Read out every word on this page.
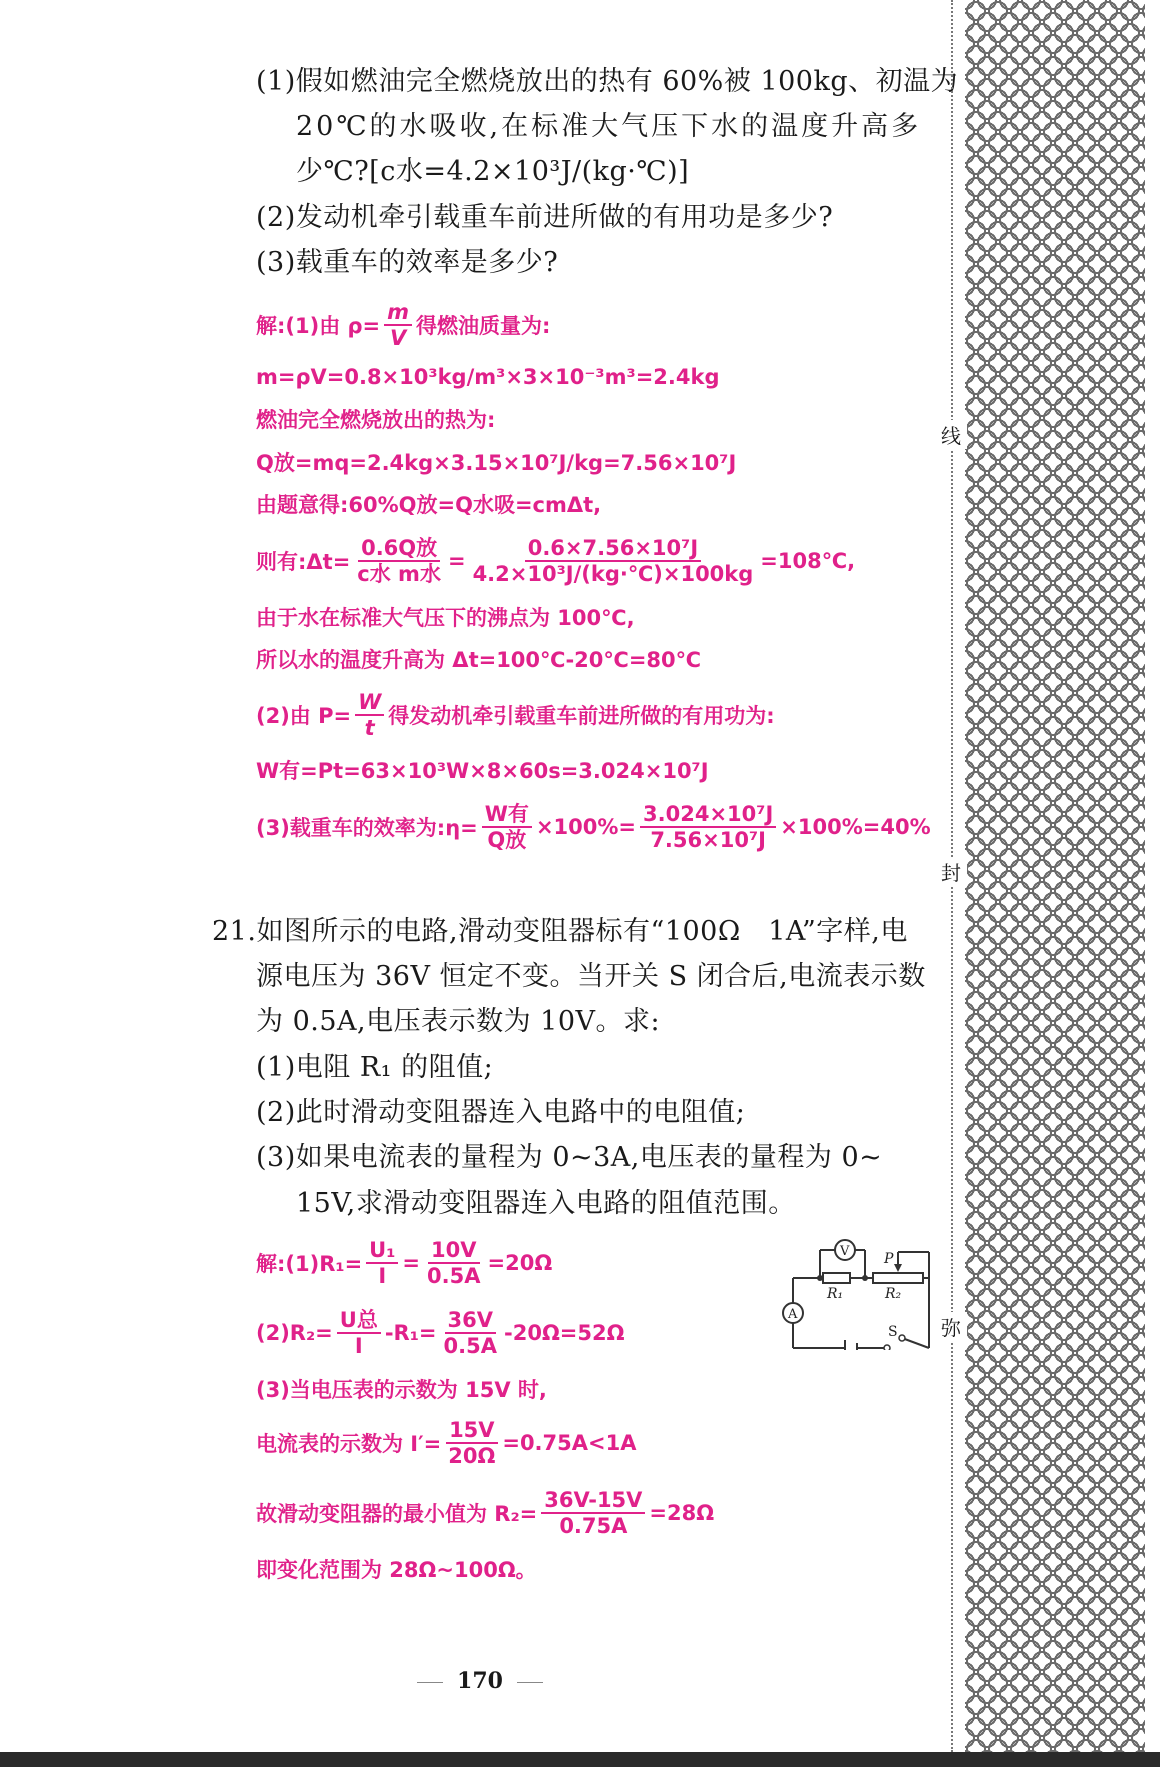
(1)假如燃油完全燃烧放出的热有 60%被 100kg、初温为
20℃的水吸收,在标准大气压下水的温度升高多
少℃?[c水=4.2×10³J/(kg·℃)]
(2)发动机牵引载重车前进所做的有用功是多少?
(3)载重车的效率是多少?
解:(1)由 $\rho= \frac{m}{V}$ 得燃油质量为:
m=ρV=0.8×10³kg/m³×3×10⁻³m³=2.4kg
燃油完全燃烧放出的热为:
Q放=mq=2.4kg×3.15×10⁷J/kg=7.56×10⁷J
由题意得:60%Q放=Q水吸=cmΔt,
则有:Δt= $\frac{\text{0.6Q放}}{\text{c水 m水}} = \frac{\text{0.6×7.56×10⁷J}}{\text{4.2×10³J/(kg·℃)×100kg}}$ =108℃,
由于水在标准大气压下的沸点为 100℃,
所以水的温度升高为 Δt=100℃-20℃=80℃
(2)由 $P= \frac{W}{t}$ 得发动机牵引载重车前进所做的有用功为:
W有=Pt=63×10³W×8×60s=3.024×10⁷J
(3)载重车的效率为:η= $\frac{\text{W有}}{\text{Q放}} \times 100\%= \frac{\text{3.024×10⁷J}}{\text{7.56×10⁷J}} \times 100\%=40\%$
21.如图所示的电路,滑动变阻器标有“100Ω　1A”字样,电
源电压为 36V 恒定不变。当开关 S 闭合后,电流表示数
为 0.5A,电压表示数为 10V。求:
(1)电阻 R₁ 的阻值;
(2)此时滑动变阻器连入电路中的电阻值;
(3)如果电流表的量程为 0~3A,电压表的量程为 0~
15V,求滑动变阻器连入电路的阻值范围。
解:(1)R₁= $\frac{\text{U₁}}{I} = \frac{10V}{0.5A} =20\Omega$
$(2)R_2= \frac{\text{U总}}{I} -R_1= \frac{36V}{0.5A} -20\Omega=52\Omega$
(3)当电压表的示数为 15V 时,
电流表的示数为 $I'= \frac{15V}{20\Omega} =0.75A<1A$
故滑动变阻器的最小值为 $R_2= \frac{36V-15V}{0.75A} =28\Omega$
即变化范围为 28Ω~100Ω。
V
A
R₁	R₂
P
S
线
封
弥
170
